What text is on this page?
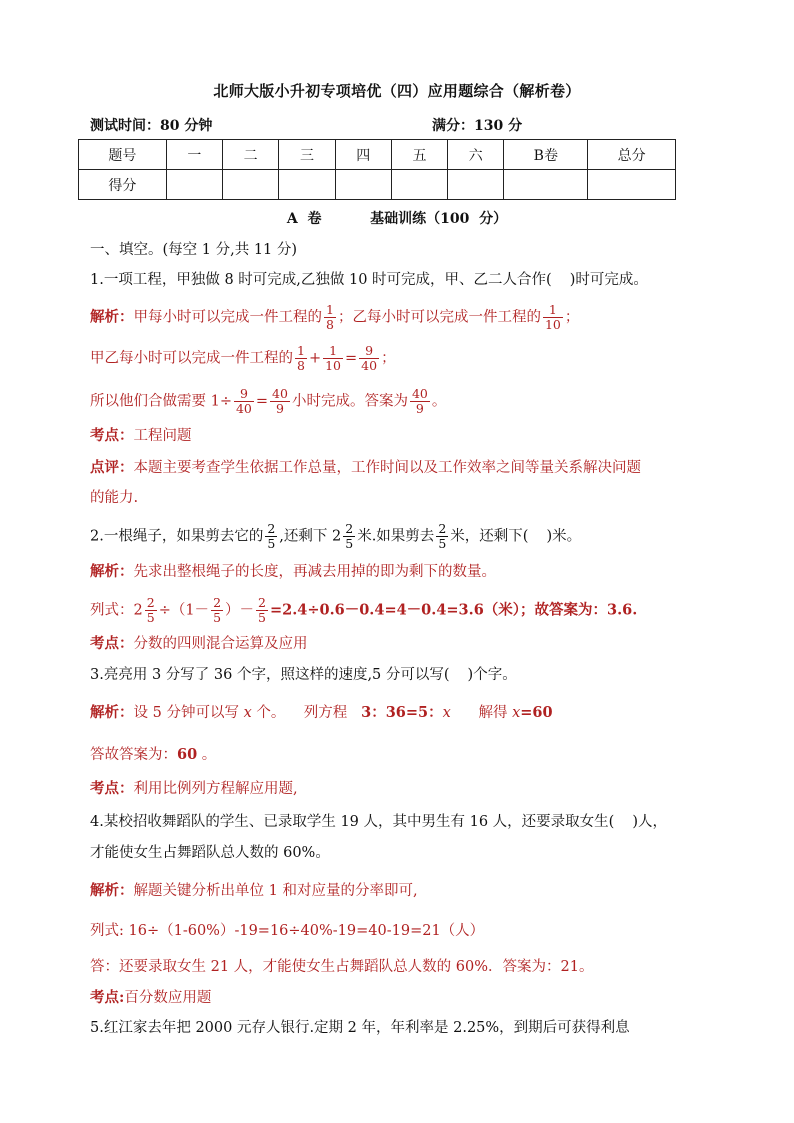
北师大版小升初专项培优（四）应用题综合（解析卷）
测试时间：80 分钟	满分：130 分
题号	一	二	三	四	五	六	B卷	总分
得分								
A  卷          基础训练（100  分）
一、填空。(每空 1 分,共 11 分)
1.一项工程，甲独做 8 时可完成,乙独做 10 时可完成，甲、乙二人合作( )时可完成。
解析：甲每小时可以完成一件工程的 $\frac{1}{8}$ ；乙每小时可以完成一件工程的 $\frac{1}{10}$ ；
甲乙每小时可以完成一件工程的 $\frac{1}{8} + \frac{1}{10} = \frac{9}{40}$ ；
所以他们合做需要 $1\div \frac{9}{40} = \frac{40}{9}$ 小时完成。答案为 $\frac{40}{9}$ 。
考点：工程问题
点评：本题主要考查学生依据工作总量，工作时间以及工作效率之间等量关系解决问题
的能力.
2.一根绳子，如果剪去它的 $\frac{2}{5}$ ,还剩下 $2 \frac{2}{5}$ 米.如果剪去 $\frac{2}{5}$ 米，还剩下( )米。
解析：先求出整根绳子的长度，再减去用掉的即为剩下的数量。
列式：$2 \frac{2}{5} \div(1- \frac{2}{5}$ ）－ $\frac{2}{5} =2.4\div 0.6-0.4=4-0.4=3.6$（米）；故答案为：3.6.
考点：分数的四则混合运算及应用
3.亮亮用 3 分写了 36 个字，照这样的速度,5 分可以写( )个字。
解析：设 5 分钟可以写 x 个。    列方程   3：36=5：x      解得 x=60
答故答案为：60 。
考点：利用比例列方程解应用题,
4.某校招收舞蹈队的学生、已录取学生 19 人，其中男生有 16 人，还要录取女生( )人，
才能使女生占舞蹈队总人数的 60%。
解析：解题关键分析出单位 1 和对应量的分率即可,
列式: 16÷（1-60%）-19=16÷40%-19=40-19=21（人）
答：还要录取女生 21 人，才能使女生占舞蹈队总人数的 60%．答案为：21。
考点:百分数应用题
5.红江家去年把 2000 元存人银行.定期 2 年，年利率是 2.25%，到期后可获得利息
